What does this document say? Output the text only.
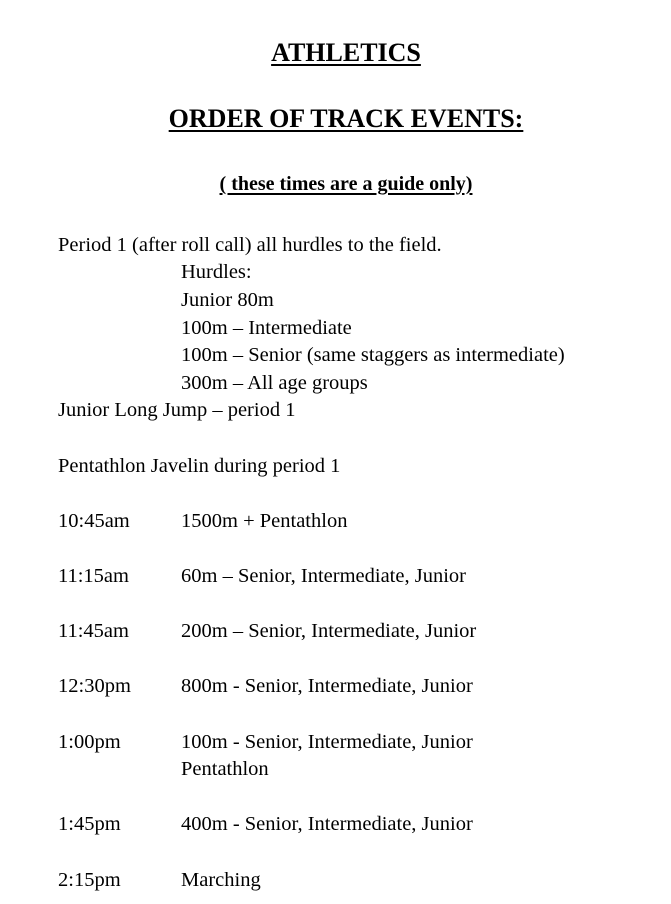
ATHLETICS
ORDER OF TRACK EVENTS:
( these times are a guide only)
Period 1 (after roll call) all hurdles to the field.
Hurdles:
Junior 80m
100m – Intermediate
100m – Senior (same staggers as intermediate)
300m – All age groups
Junior Long Jump – period 1
Pentathlon Javelin during period 1
10:45am	1500m + Pentathlon
11:15am	60m – Senior, Intermediate, Junior
11:45am	200m – Senior, Intermediate, Junior
12:30pm 800m - Senior, Intermediate, Junior
1:00pm	100m - Senior, Intermediate, Junior
Pentathlon
1:45pm	400m - Senior, Intermediate, Junior
2:15pm	Marching
